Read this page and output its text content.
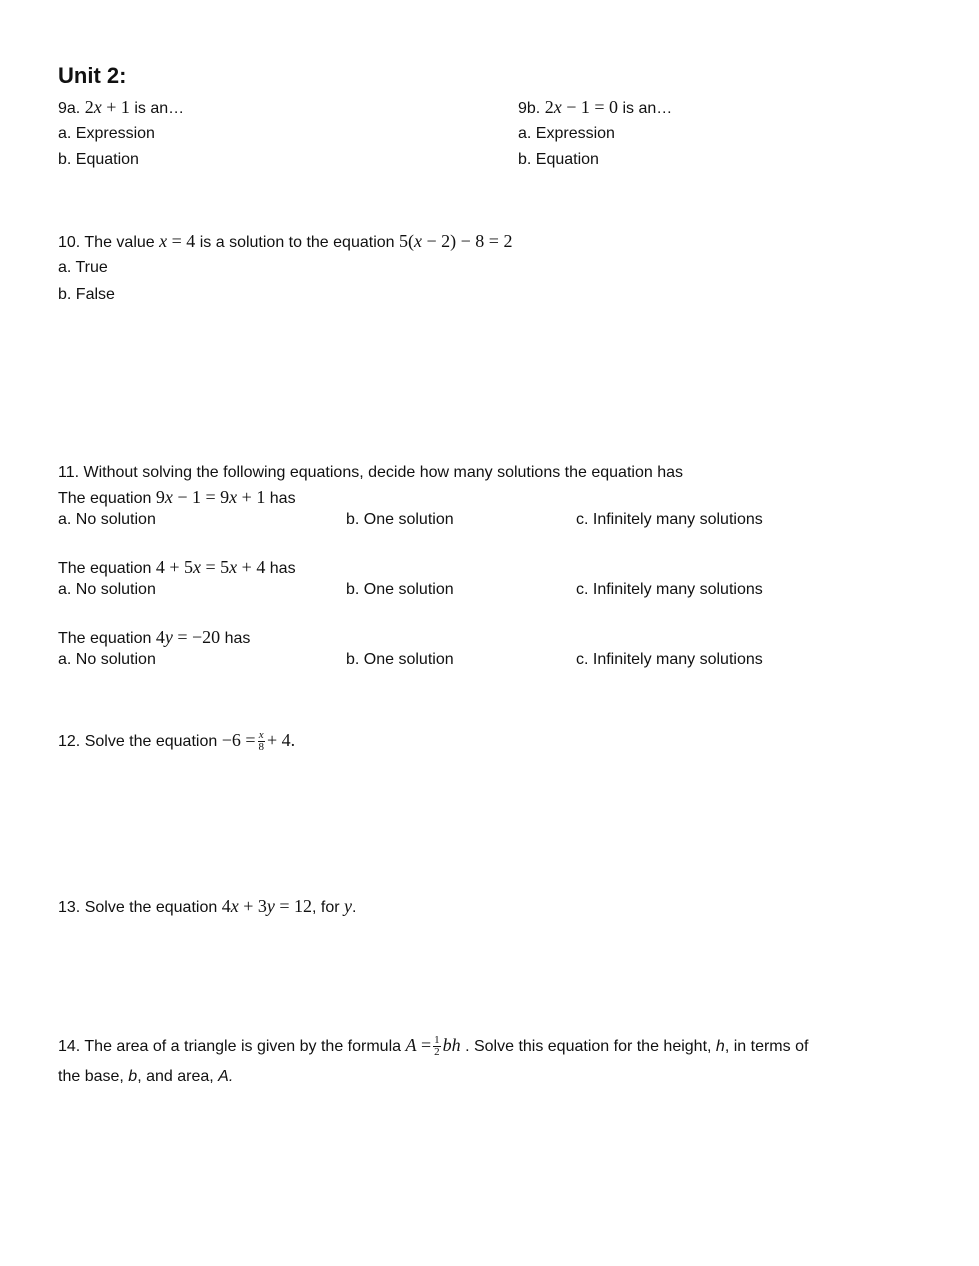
Unit 2:
9a. 2x + 1 is an…
a. Expression
b. Equation
9b. 2x − 1 = 0 is an…
a. Expression
b. Equation
10. The value x = 4 is a solution to the equation 5(x − 2) − 8 = 2
a. True
b. False
11. Without solving the following equations, decide how many solutions the equation has
The equation 9x − 1 = 9x + 1 has
a. No solution	b. One solution	c. Infinitely many solutions
The equation 4 + 5x = 5x + 4 has
a. No solution	b. One solution	c. Infinitely many solutions
The equation 4y = −20 has
a. No solution	b. One solution	c. Infinitely many solutions
12. Solve the equation $-6 = \frac{x}{8} + 4$.
13. Solve the equation 4x + 3y = 12, for y.
14. The area of a triangle is given by the formula $A = \frac{1}{2}$ bh . Solve this equation for the height, h, in terms of
the base, b, and area, A.
